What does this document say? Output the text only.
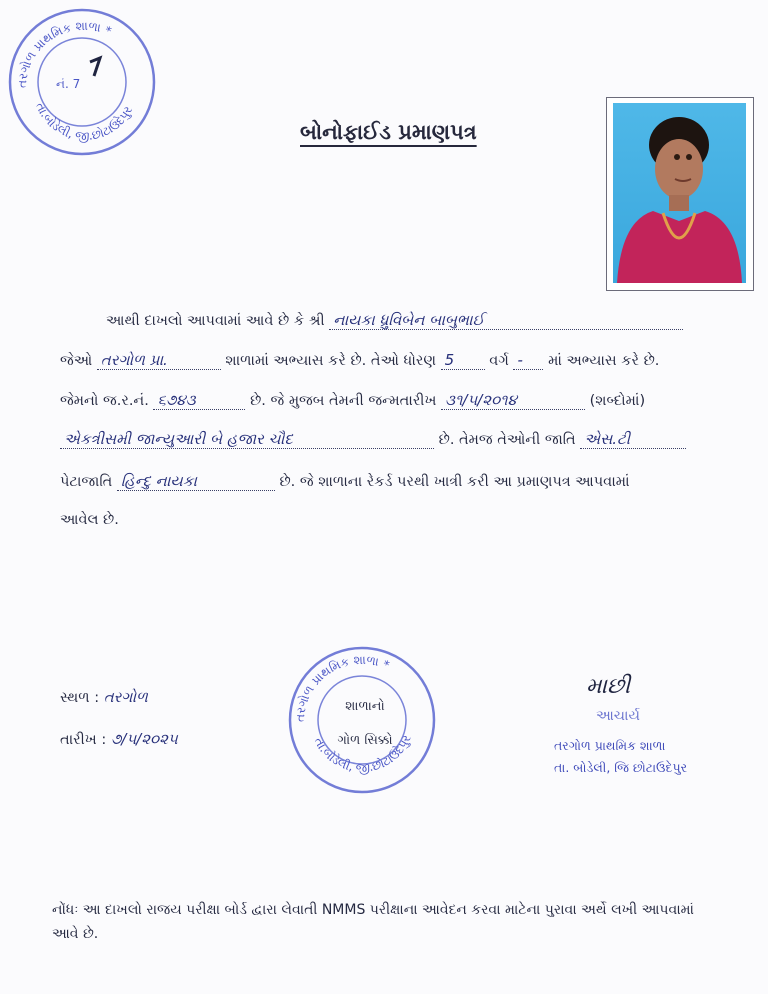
તરગોળ પ્રાથમિક શાળા *
તા.બોડેલી, જી.છોટાઉદેપુર
નં. 7
બોનોફાઈડ પ્રમાણપત્ર
આથી દાખલો આપવામાં આવે છે કે શ્રી નાયકા ધ્રુવિબેન બાબુભાઈ
જેઓ તરગોળ પ્રા.	શાળામાં અભ્યાસ કરે છે. તેઓ ધોરણ 5 વર્ગ - માં અભ્યાસ કરે છે.
જેમનો જ.ર.નં. ૬૭૪૩	છે. જે મુજબ તેમની જન્મતારીખ ૩૧/૫/૨૦૧૪	(શબ્દોમાં)
એકત્રીસમી જાન્યુઆરી બે હજાર ચૌદ	છે. તેમજ તેઓની જાતિ એસ.ટી
પેટાજાતિ હિન્દુ નાયકા	છે. જે શાળાના રેકર્ડ પરથી ખાત્રી કરી આ પ્રમાણપત્ર આપવામાં
આવેલ છે.
સ્થળ : તરગોળ
તારીખ : ૭/૫/૨૦૨૫
તરગોળ પ્રાથમિક શાળા *
તા.બોડેલી, જી.છોટાઉદેપુર
શાળાનો
ગોળ સિક્કો
માછી
આચાર્ય
તરગોળ પ્રાથમિક શાળા
તા. બોડેલી, જિ છોટાઉદેપુર
નોંધઃ આ દાખલો રાજય પરીક્ષા બોર્ડ દ્વારા લેવાતી NMMS પરીક્ષાના આવેદન કરવા માટેના પુરાવા અર્થે લખી આપવામાં આવે છે.
